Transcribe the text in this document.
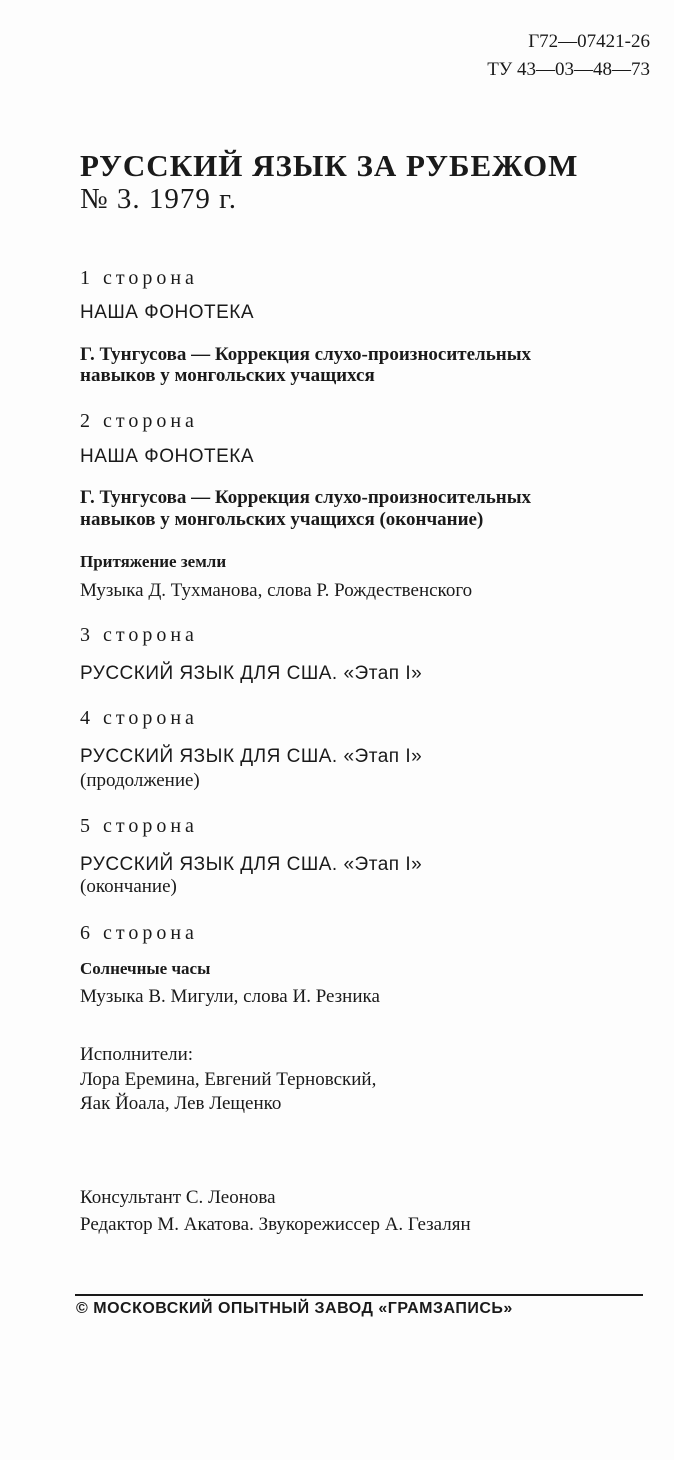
Г72—07421-26
ТУ 43—03—48—73
РУССКИЙ ЯЗЫК ЗА РУБЕЖОМ
№ 3. 1979 г.
1 сторона
НАША ФОНОТЕКА
Г. Тунгусова — Коррекция слухо-произносительных
навыков у монгольских учащихся
2 сторона
НАША ФОНОТЕКА
Г. Тунгусова — Коррекция слухо-произносительных
навыков у монгольских учащихся (окончание)
Притяжение земли
Музыка Д. Тухманова, слова Р. Рождественского
3 сторона
РУССКИЙ ЯЗЫК ДЛЯ США. «Этап I»
4 сторона
РУССКИЙ ЯЗЫК ДЛЯ США. «Этап I»
(продолжение)
5 сторона
РУССКИЙ ЯЗЫК ДЛЯ США. «Этап I»
(окончание)
6 сторона
Солнечные часы
Музыка В. Мигули, слова И. Резника
Исполнители:
Лора Еремина, Евгений Терновский,
Яак Йоала, Лев Лещенко
Консультант С. Леонова
Редактор М. Акатова. Звукорежиссер А. Гезалян
© МОСКОВСКИЙ ОПЫТНЫЙ ЗАВОД «ГРАМЗАПИСЬ»
